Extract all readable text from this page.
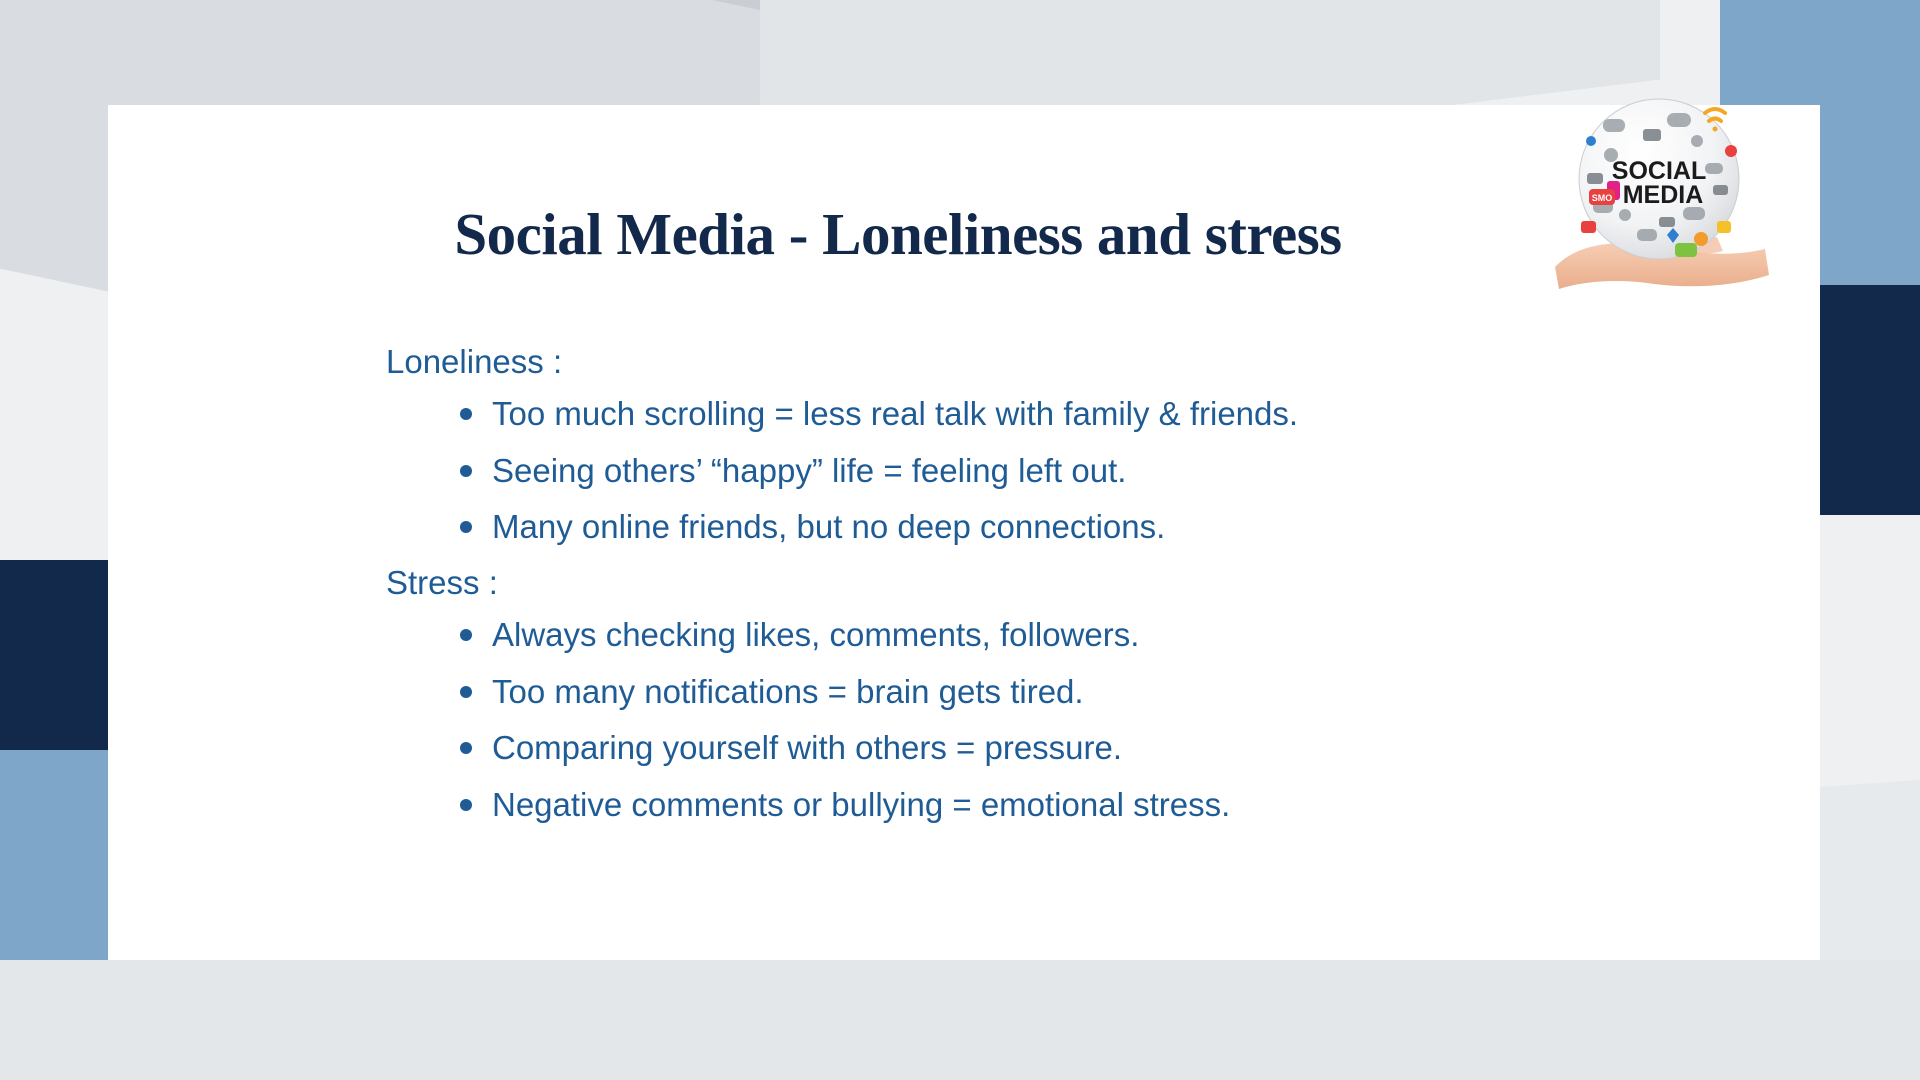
Social Media - Loneliness and stress
SOCIAL
MEDIA
SMO
Loneliness :
Too much scrolling = less real talk with family & friends.
Seeing others’ “happy” life = feeling left out.
Many online friends, but no deep connections.
Stress :
Always checking likes, comments, followers.
Too many notifications = brain gets tired.
Comparing yourself with others = pressure.
Negative comments or bullying = emotional stress.
